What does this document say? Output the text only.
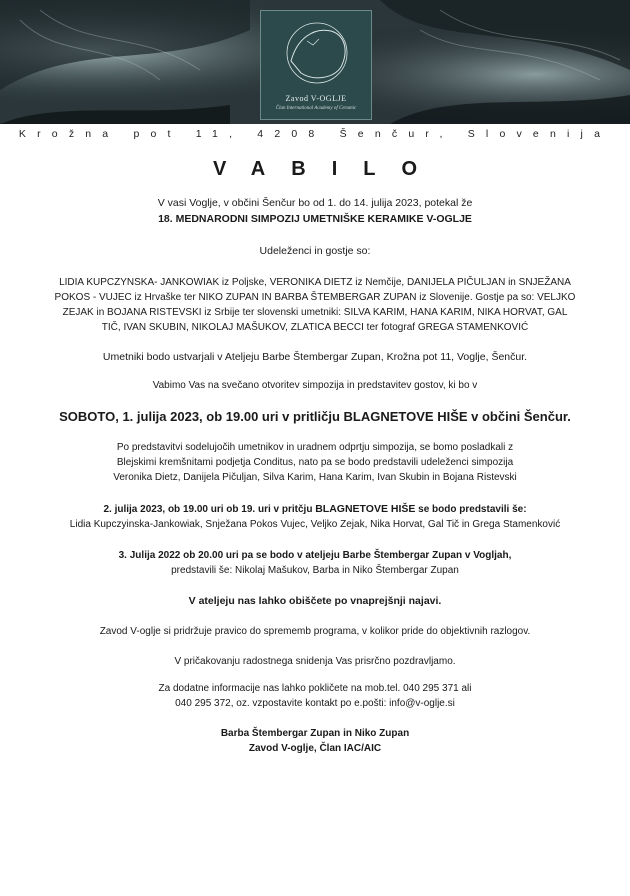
Zavod V-OGLJE
Član International Academy of Ceramic
Krožna pot 11, 4208 Šenčur, Slovenija
VABILO
V vasi Voglje, v občini Šenčur bo od 1. do 14. julija 2023, potekal že
18. MEDNARODNI SIMPOZIJ UMETNIŠKE KERAMIKE V-OGLJE
Udeleženci in gostje so:
LIDIA KUPCZYNSKA- JANKOWIAK iz Poljske, VERONIKA DIETZ iz Nemčije, DANIJELA PIČULJAN in SNJEŽANA
POKOS - VUJEC iz Hrvaške ter NIKO ZUPAN IN BARBA ŠTEMBERGAR ZUPAN iz Slovenije. Gostje pa so: VELJKO
ZEJAK in BOJANA RISTEVSKI iz Srbije ter slovenski umetniki: SILVA KARIM, HANA KARIM, NIKA HORVAT, GAL
TIČ, IVAN SKUBIN, NIKOLAJ MAŠUKOV, ZLATICA BECCI ter fotograf GREGA STAMENKOVIĆ
Umetniki bodo ustvarjali v Ateljeju Barbe Štembergar Zupan, Krožna pot 11, Voglje, Šenčur.
Vabimo Vas na svečano otvoritev simpozija in predstavitev gostov, ki bo v
SOBOTO, 1. julija 2023, ob 19.00 uri v pritličju BLAGNETOVE HIŠE v občini Šenčur.
Po predstavitvi sodelujočih umetnikov in uradnem odprtju simpozija, se bomo posladkali z
Blejskimi kremšnitami podjetja Conditus, nato pa se bodo predstavili udeleženci simpozija
Veronika Dietz, Danijela Pičuljan, Silva Karim, Hana Karim, Ivan Skubin in Bojana Ristevski
2. julija 2023, ob 19.00 uri ob 19. uri v pritčju BLAGNETOVE HIŠE se bodo predstavili še:
Lidia Kupczyinska-Jankowiak, Snježana Pokos Vujec, Veljko Zejak, Nika Horvat, Gal Tič in Grega Stamenković
3. Julija 2022 ob 20.00 uri pa se bodo v ateljeju Barbe Štembergar Zupan v Vogljah,
predstavili še: Nikolaj Mašukov, Barba in Niko Štembergar Zupan
V ateljeju nas lahko obiščete po vnaprejšnji najavi.
Zavod V-oglje si pridržuje pravico do sprememb programa, v kolikor pride do objektivnih razlogov.
V pričakovanju radostnega snidenja Vas prisrčno pozdravljamo.
Za dodatne informacije nas lahko pokličete na mob.tel. 040 295 371 ali
040 295 372, oz. vzpostavite kontakt po e.pošti: info@v-oglje.si
Barba Štembergar Zupan in Niko Zupan
Zavod V-oglje, Član IAC/AIC
